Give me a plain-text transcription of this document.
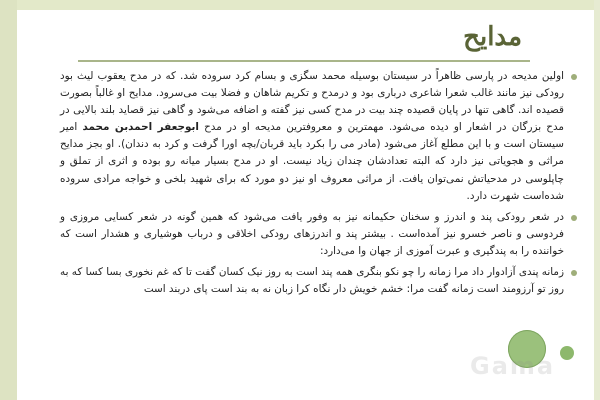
مدایح
اولین مدیحه در پارسی ظاهراً در سیستان بوسیله محمد سگزی و بسام کرد سروده شد. که در مدح یعقوب لیث بود رودکی نیز مانند غالب شعرا شاعری درباری بود و درمدح و تکریم شاهان و فضلا بیت می‌سرود. مدایح او غالباً بصورت قصیده اند. گاهی تنها در پایان قصیده چند بیت در مدح کسی نیز گفته و اضافه می‌شود و گاهی نیز قصاید بلند بالایی در مدح بزرگان در اشعار او دیده می‌شود. مهمترین و معروفترین مدیحه او در مدح ابوجعفر احمدبن محمد امیر سیستان است و با این مطلع آغاز می‌شود (مادر می را بکرد باید قربان/بچه اورا گرفت و کرد به دندان). او بجز مدایح مراثی و هجویاتی نیز دارد که البته تعدادشان چندان زیاد نیست. او در مدح بسیار میانه رو بوده و اثری از تملق و چاپلوسی در مدحیاتش نمی‌توان یافت. از مراثی معروف او نیز دو مورد که برای شهید بلخی و خواجه مرادی سروده شده‌است شهرت دارد.
در شعر رودکی پند و اندرز و سخنان حکیمانه نیز به وفور یافت می‌شود که همین گونه در شعر کسایی مروزی و فردوسی و ناصر خسرو نیز آمده‌است . بیشتر پند و اندرزهای رودکی اخلاقی و درباب هوشیاری و هشدار است که خواننده را به پندگیری و عبرت آموزی از جهان وا می‌دارد:
زمانه پندی آزادوار داد مرا زمانه را چو نکو بنگری همه پند است به روز نیک کسان گفت تا که غم نخوری بسا کسا که به روز تو آرزومند است زمانه گفت مرا: خشم خویش دار نگاه کرا زبان نه به بند است پای دربند است
Gama
